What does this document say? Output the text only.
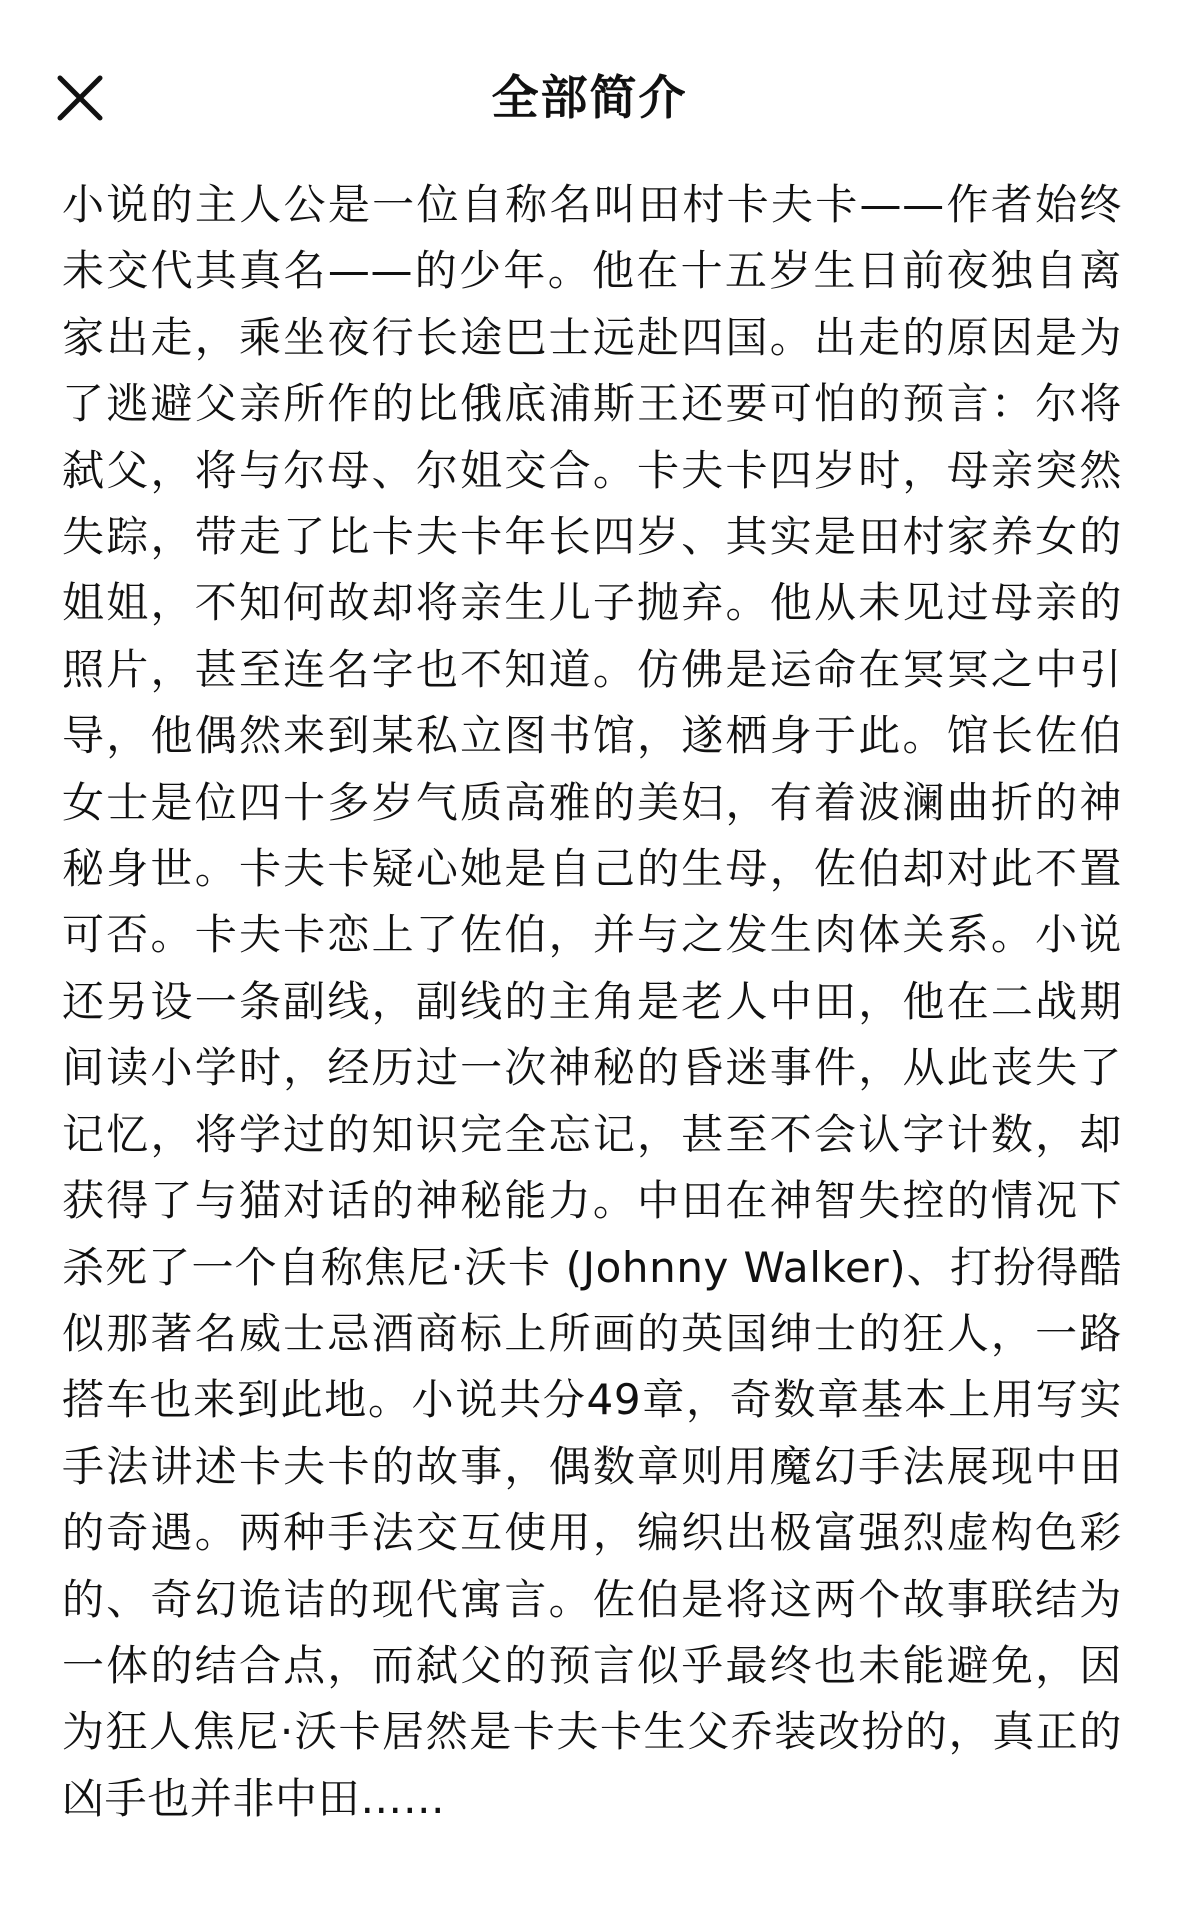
全部简介
小说的主人公是一位自称名叫田村卡夫卡——作者始终未交代其真名——的少年。他在十五岁生日前夜独自离家出走，乘坐夜行长途巴士远赴四国。出走的原因是为了逃避父亲所作的比俄底浦斯王还要可怕的预言：尔将弑父，将与尔母、尔姐交合。卡夫卡四岁时，母亲突然失踪，带走了比卡夫卡年长四岁、其实是田村家养女的姐姐，不知何故却将亲生儿子抛弃。他从未见过母亲的照片，甚至连名字也不知道。仿佛是运命在冥冥之中引导，他偶然来到某私立图书馆，遂栖身于此。馆长佐伯女士是位四十多岁气质高雅的美妇，有着波澜曲折的神秘身世。卡夫卡疑心她是自己的生母，佐伯却对此不置可否。卡夫卡恋上了佐伯，并与之发生肉体关系。小说还另设一条副线，副线的主角是老人中田，他在二战期间读小学时，经历过一次神秘的昏迷事件，从此丧失了记忆，将学过的知识完全忘记，甚至不会认字计数，却获得了与猫对话的神秘能力。中田在神智失控的情况下杀死了一个自称焦尼·沃卡 (Johnny Walker)、打扮得酷似那著名威士忌酒商标上所画的英国绅士的狂人，一路搭车也来到此地。小说共分49章，奇数章基本上用写实手法讲述卡夫卡的故事，偶数章则用魔幻手法展现中田的奇遇。两种手法交互使用，编织出极富强烈虚构色彩的、奇幻诡诘的现代寓言。佐伯是将这两个故事联结为一体的结合点，而弑父的预言似乎最终也未能避免，因为狂人焦尼·沃卡居然是卡夫卡生父乔装改扮的，真正的凶手也并非中田……
